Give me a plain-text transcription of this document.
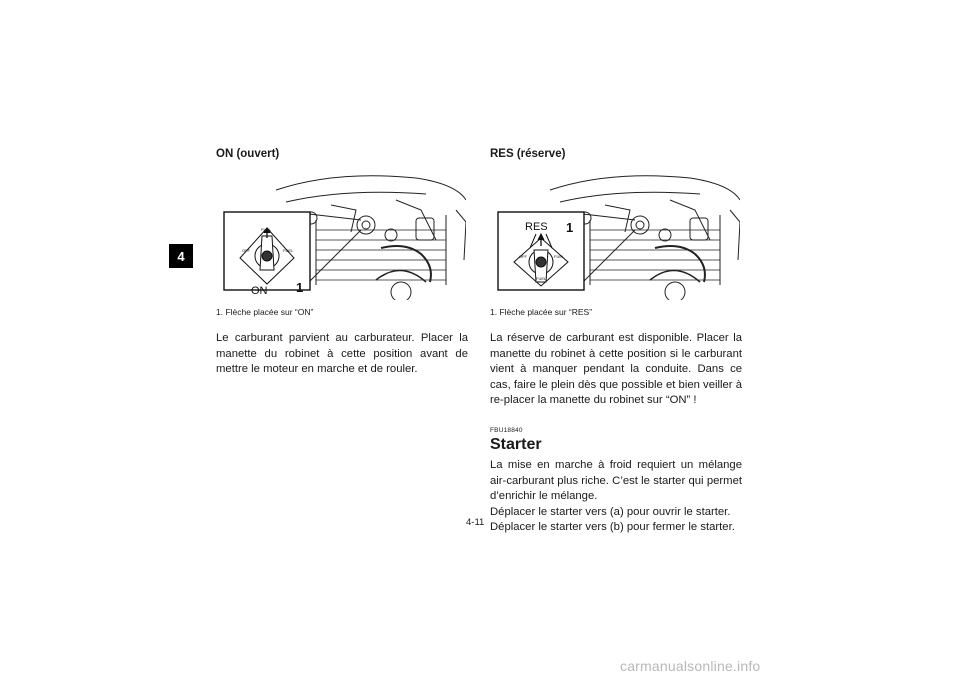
4

ON (ouvert)

FUEL
OFF	FUEL
ON 1

1. Flèche placée sur “ON”

Le carburant parvient au carburateur. Placer la manette du robinet à cette position avant de mettre le moteur en marche et de rouler.

RES (réserve)

OFF	FUEL
FUEL
RES 1

1. Flèche placée sur “RES”

La réserve de carburant est disponible. Placer la manette du robinet à cette position si le carburant vient à manquer pendant la conduite. Dans ce cas, faire le plein dès que possible et bien veiller à re-placer la manette du robinet sur “ON” !

FBU18840

Starter

La mise en marche à froid requiert un mélange air-carburant plus riche. C’est le starter qui permet d’enrichir le mélange.

Déplacer le starter vers (a) pour ouvrir le starter.

Déplacer le starter vers (b) pour fermer le starter.

4-11
carmanualsonline.info
